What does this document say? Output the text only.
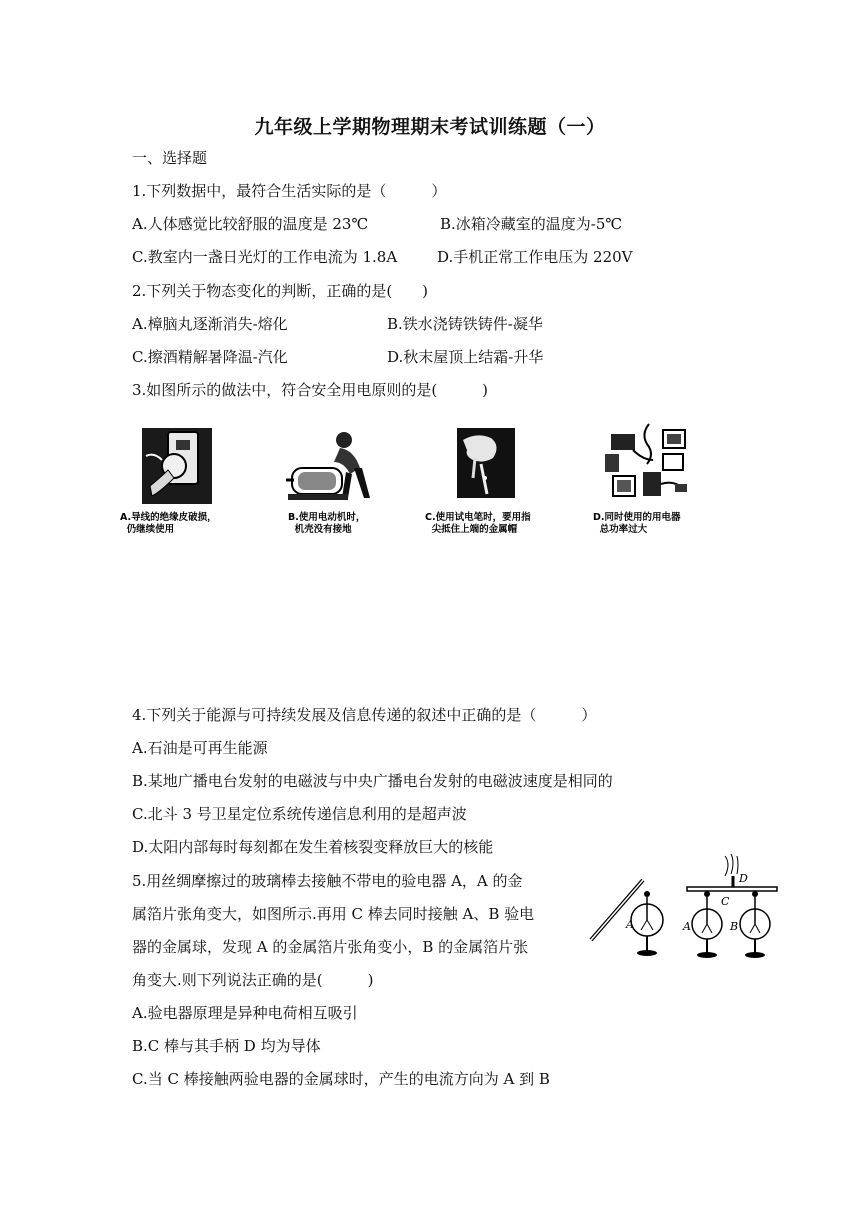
九年级上学期物理期末考试训练题（一）
一、选择题
1.下列数据中，最符合生活实际的是（　　　）
A.人体感觉比较舒服的温度是 23℃	B.冰箱冷藏室的温度为-5℃
C.教室内一盏日光灯的工作电流为 1.8A	D.手机正常工作电压为 220V
2.下列关于物态变化的判断，正确的是(　　)
A.樟脑丸逐渐消失-熔化	B.铁水浇铸铁铸件-凝华
C.擦酒精解暑降温-汽化	D.秋末屋顶上结霜-升华
3.如图所示的做法中，符合安全用电原则的是(　　　)
A.导线的绝缘皮破损，
仍继续使用
B.使用电动机时，
机壳没有接地
C.使用试电笔时，要用指
尖抵住上端的金属帽
D.同时使用的用电器
总功率过大
4.下列关于能源与可持续发展及信息传递的叙述中正确的是（　　　）
A.石油是可再生能源
B.某地广播电台发射的电磁波与中央广播电台发射的电磁波速度是相同的
C.北斗 3 号卫星定位系统传递信息利用的是超声波
D.太阳内部每时每刻都在发生着核裂变释放巨大的核能
5.用丝绸摩擦过的玻璃棒去接触不带电的验电器 A，A 的金
属箔片张角变大，如图所示.再用 C 棒去同时接触 A、B 验电
器的金属球，发现 A 的金属箔片张角变小，B 的金属箔片张
角变大.则下列说法正确的是(　　　)
A.验电器原理是异种电荷相互吸引
B.C 棒与其手柄 D 均为导体
C.当 C 棒接触两验电器的金属球时，产生的电流方向为 A 到 B
A	A	B
C
D
